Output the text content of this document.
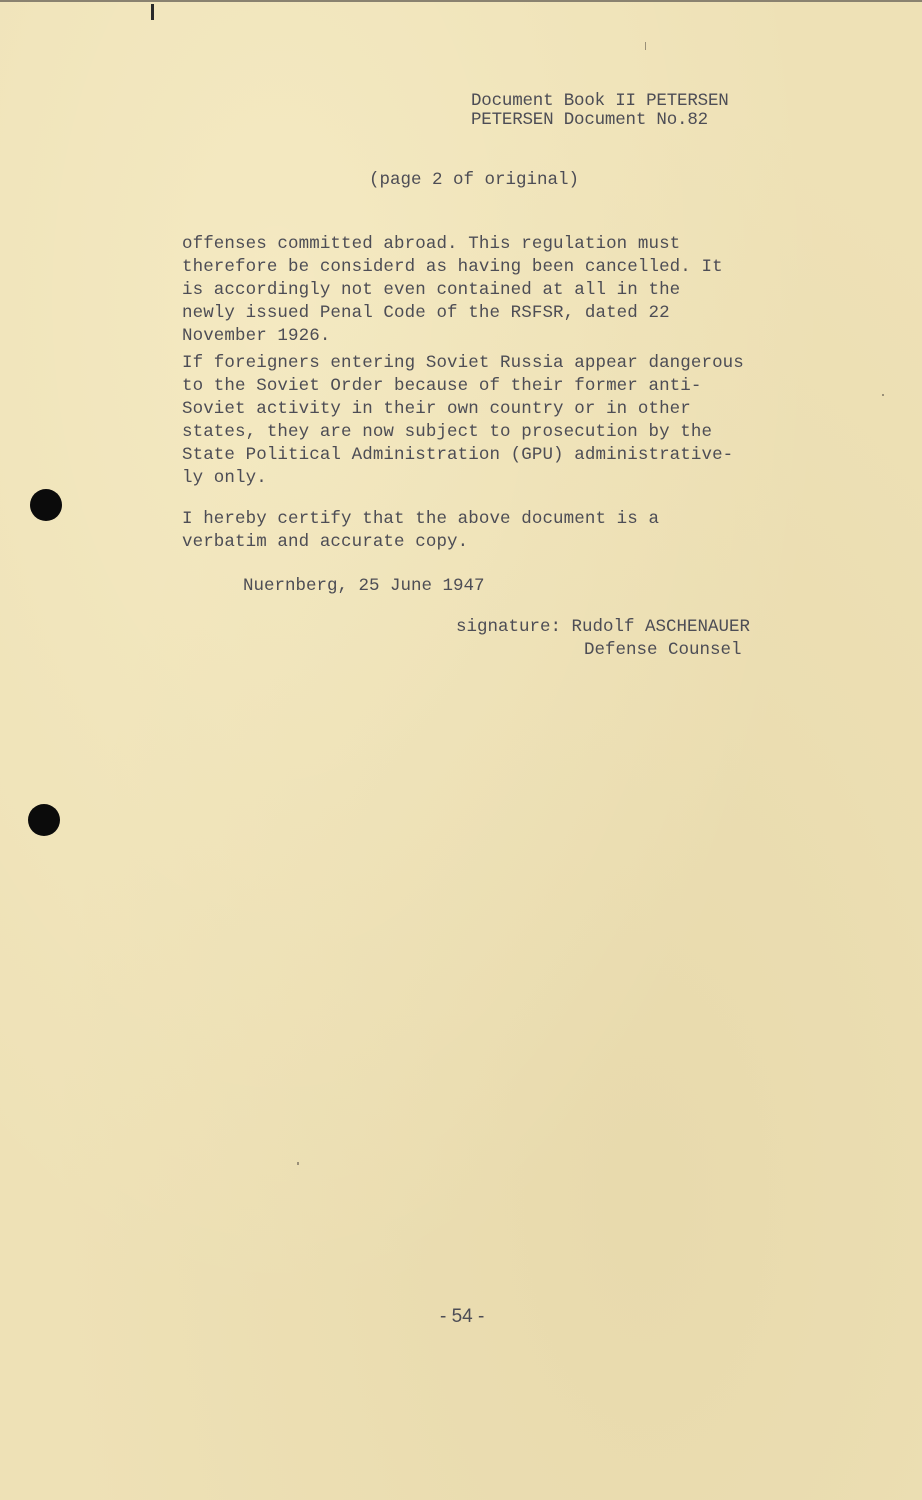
Document Book II PETERSEN
PETERSEN Document No.82
(page 2 of original)
offenses committed abroad. This regulation must
therefore be considerd as having been cancelled. It
is accordingly not even contained at all in the
newly issued Penal Code of the RSFSR, dated 22
November 1926.
If foreigners entering Soviet Russia appear dangerous
to the Soviet Order because of their former anti-
Soviet activity in their own country or in other
states, they are now subject to prosecution by the
State Political Administration (GPU) administrative-
ly only.
I hereby certify that the above document is a
verbatim and accurate copy.
Nuernberg, 25 June 1947
signature: Rudolf ASCHENAUER
Defense Counsel
- 54 -
